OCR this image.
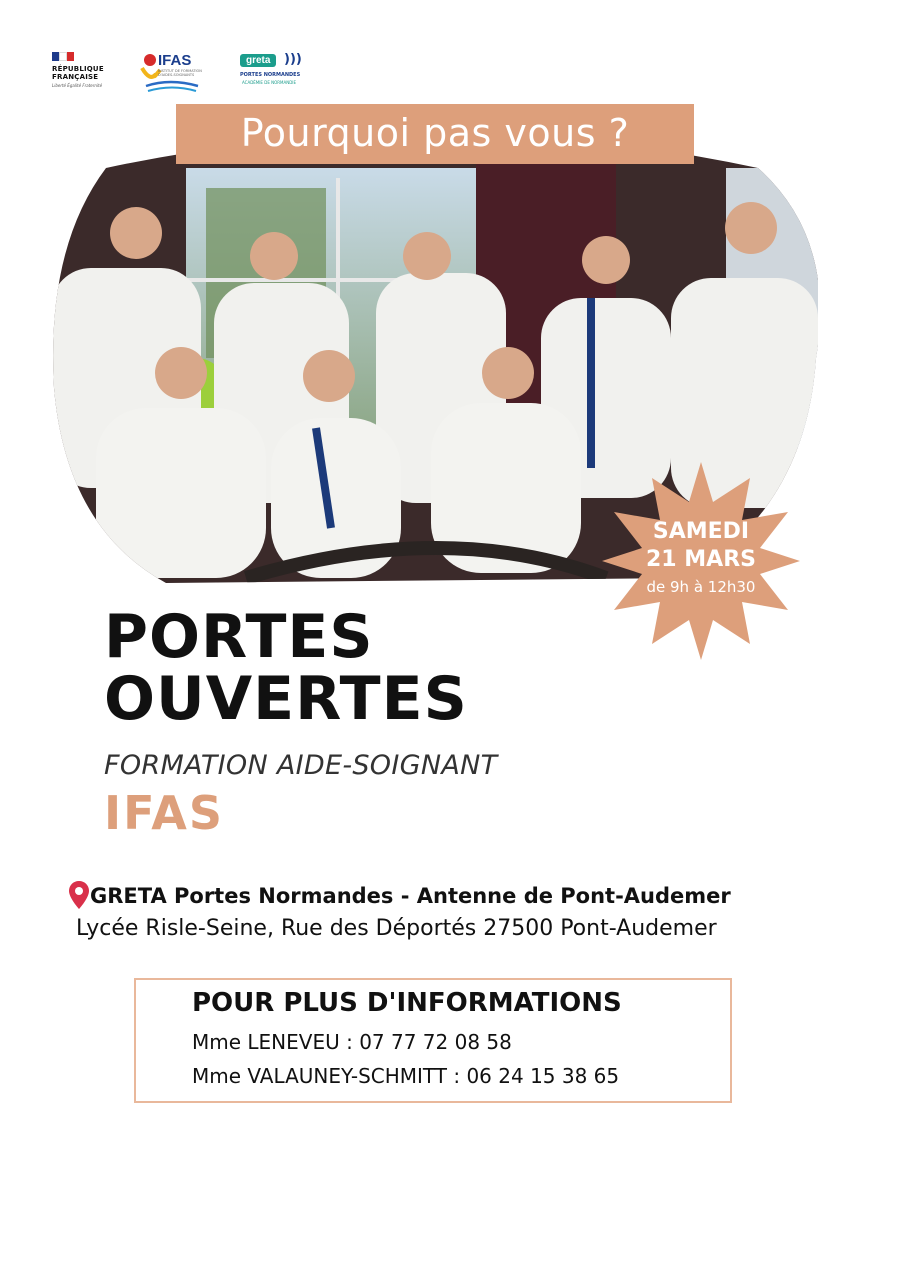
RÉPUBLIQUE
FRANÇAISE
Liberté Égalité Fraternité
IFAS
INSTITUT DE FORMATION D'AIDES-SOIGNANTS
greta	)))
PORTES NORMANDES
ACADÉMIE DE NORMANDIE
Pourquoi pas vous ?
SAMEDI
21 MARS
de 9h à 12h30
PORTES
OUVERTES
FORMATION AIDE-SOIGNANT
IFAS
GRETA Portes Normandes - Antenne de Pont-Audemer
Lycée Risle-Seine, Rue des Déportés 27500 Pont-Audemer
POUR PLUS D'INFORMATIONS
Mme LENEVEU : 07 77 72 08 58
Mme VALAUNEY-SCHMITT : 06 24 15 38 65
